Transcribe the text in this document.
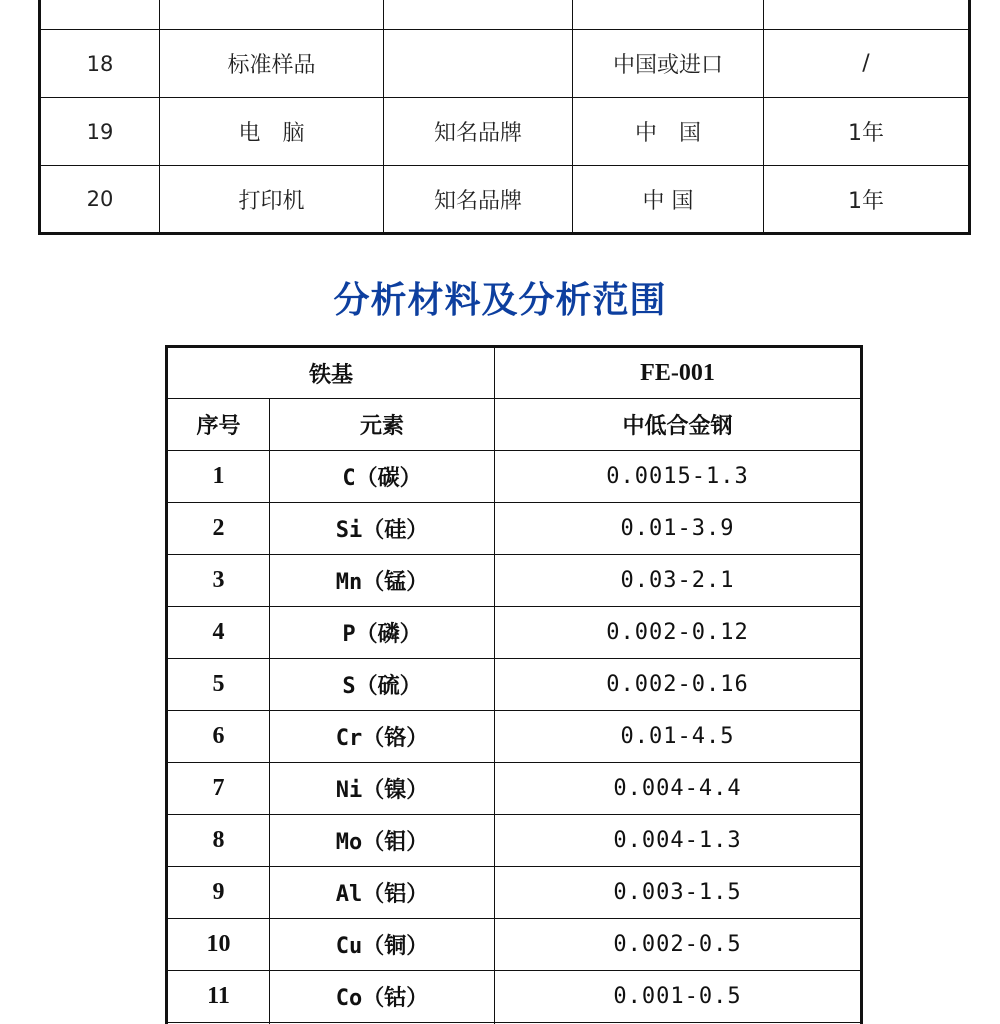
18	标准样品		中国或进口	/
19	电　脑	知名品牌	中　国	1年
20	打印机	知名品牌	中 国	1年
分析材料及分析范围
铁基		FE-001
序号	元素	中低合金钢
1	C（碳）	0.0015-1.3
2	Si（硅）	0.01-3.9
3	Mn（锰）	0.03-2.1
4	P（磷）	0.002-0.12
5	S（硫）	0.002-0.16
6	Cr（铬）	0.01-4.5
7	Ni（镍）	0.004-4.4
8	Mo（钼）	0.004-1.3
9	Al（铝）	0.003-1.5
10	Cu（铜）	0.002-0.5
11	Co（钴）	0.001-0.5
